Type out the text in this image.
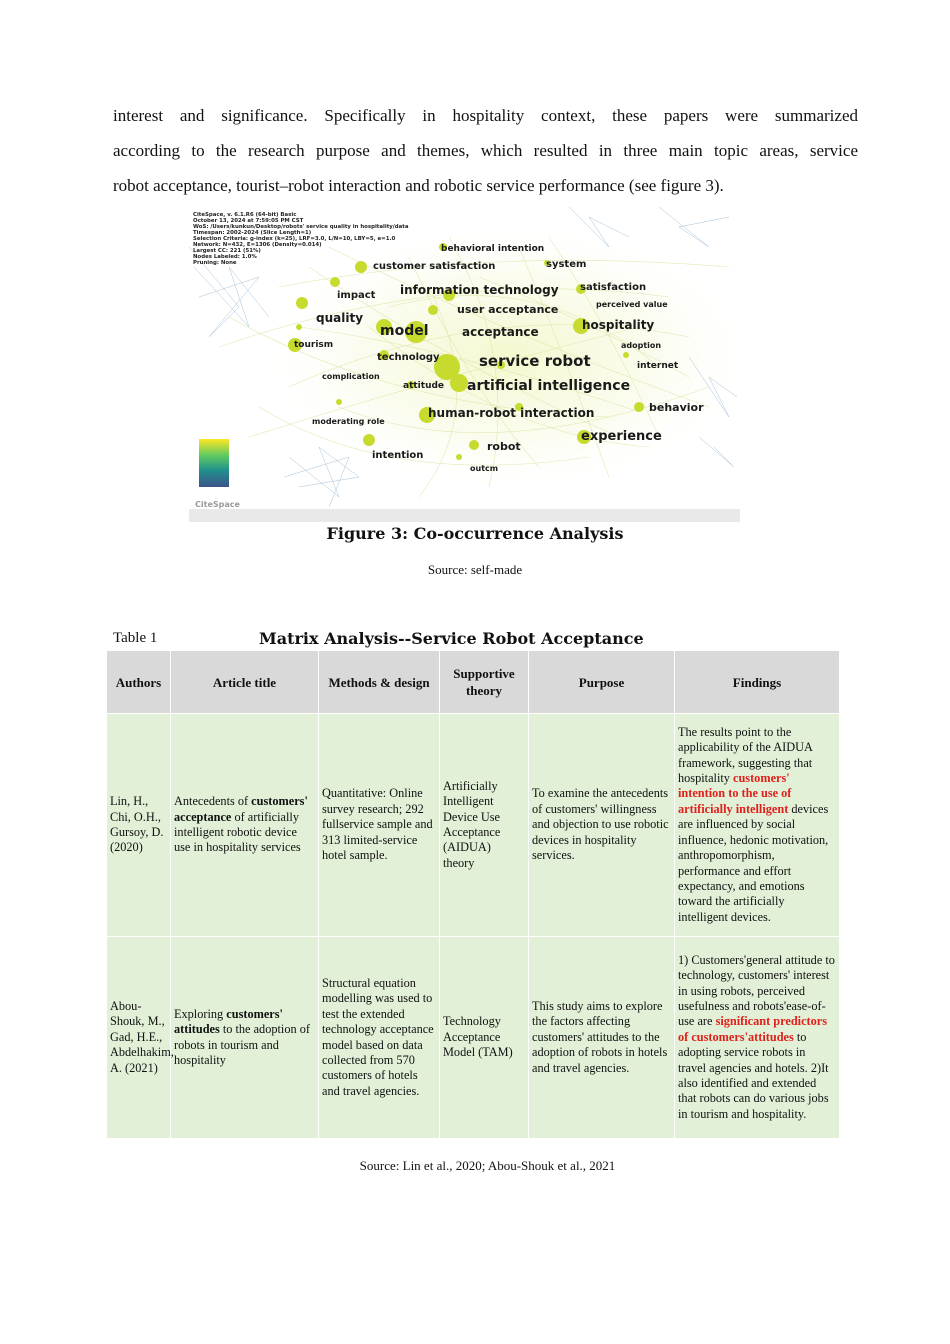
interest and significance. Specifically in hospitality context, these papers were summarized
according to the research purpose and themes, which resulted in three main topic areas, service
robot acceptance, tourist–robot interaction and robotic service performance (see figure 3).
CiteSpace, v. 6.1.R6 (64-bit) Basic
October 13, 2024 at 7:59:05 PM CST
WoS: /Users/kunkun/Desktop/robots' service quality in hospitality/data
Timespan: 2002-2024 (Slice Length=1)
Selection Criteria: g-index (k=25), LRF=3.0, L/N=10, LBY=5, e=1.0
Network: N=432, E=1306 (Density=0.014)
Largest CC: 221 (51%)
Nodes Labeled: 1.0%
Pruning: None
behavioral intention
customer satisfaction	system
impact information technology satisfaction
perceived value
quality
user acceptance
model	acceptance	hospitality
tourism	adoption
technology	service robot	internet
complication
attitude artificial intelligence
human-robot interaction	behavior
moderating role
experience
robot
intention
outcm
CiteSpace
Figure 3: Co-occurrence Analysis
Source: self-made
Table 1	Matrix Analysis--Service Robot Acceptance
Authors	Article title	Methods & design	Supportive theory	Purpose	Findings
Lin, H., Chi, O.H., Gursoy, D. (2020)	Antecedents of customers' acceptance of artificially intelligent robotic device use in hospitality services	Quantitative: Online survey research; 292 fullservice sample and 313 limited-service hotel sample.	Artificially Intelligent Device Use Acceptance (AIDUA) theory	To examine the antecedents of customers' willingness and objection to use robotic devices in hospitality services.	The results point to the applicability of the AIDUA framework, suggesting that hospitality customers' intention to the use of artificially intelligent devices are influenced by social influence, hedonic motivation, anthropomorphism, performance and effort expectancy, and emotions toward the artificially intelligent devices.
Abou-Shouk, M., Gad, H.E., Abdelhakim, A. (2021)	Exploring customers' attitudes to the adoption of robots in tourism and hospitality	Structural equation modelling was used to test the extended technology acceptance model based on data collected from 570 customers of hotels and travel agencies.	Technology Acceptance Model (TAM)	This study aims to explore the factors affecting customers' attitudes to the adoption of robots in hotels and travel agencies.	1) Customers'general attitude to technology, customers' interest in using robots, perceived usefulness and robots'ease-of-use are significant predictors of customers'attitudes to adopting service robots in travel agencies and hotels. 2)It also identified and extended that robots can do various jobs in tourism and hospitality.
Source: Lin et al., 2020; Abou-Shouk et al., 2021
